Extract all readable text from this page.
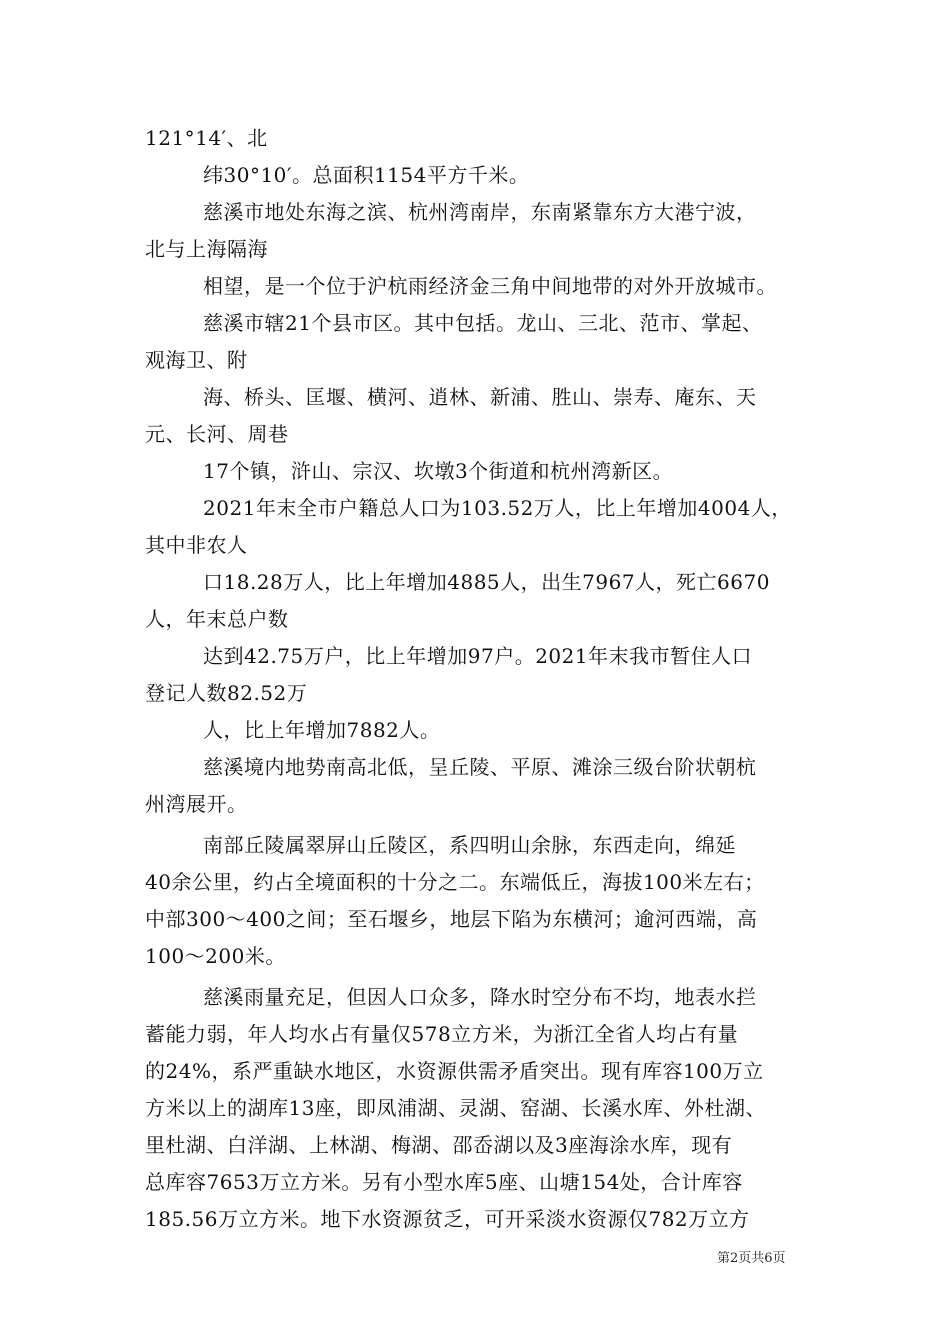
121°14′、北
纬30°10′。总面积1154平方千米。
慈溪市地处东海之滨、杭州湾南岸，东南紧靠东方大港宁波，
北与上海隔海
相望，是一个位于沪杭雨经济金三角中间地带的对外开放城市。
慈溪市辖21个县市区。其中包括。龙山、三北、范市、掌起、
观海卫、附
海、桥头、匡堰、横河、逍林、新浦、胜山、崇寿、庵东、天
元、长河、周巷
17个镇，浒山、宗汉、坎墩3个街道和杭州湾新区。
2021年末全市户籍总人口为103.52万人，比上年增加4004人，
其中非农人
口18.28万人，比上年增加4885人，出生7967人，死亡6670
人，年末总户数
达到42.75万户，比上年增加97户。2021年末我市暂住人口
登记人数82.52万
人，比上年增加7882人。
慈溪境内地势南高北低，呈丘陵、平原、滩涂三级台阶状朝杭
州湾展开。
南部丘陵属翠屏山丘陵区，系四明山余脉，东西走向，绵延
40余公里，约占全境面积的十分之二。东端低丘，海拔100米左右；
中部300～400之间；至石堰乡，地层下陷为东横河；逾河西端，高
100～200米。
慈溪雨量充足，但因人口众多，降水时空分布不均，地表水拦
蓄能力弱，年人均水占有量仅578立方米，为浙江全省人均占有量
的24%，系严重缺水地区，水资源供需矛盾突出。现有库容100万立
方米以上的湖库13座，即凤浦湖、灵湖、窑湖、长溪水库、外杜湖、
里杜湖、白洋湖、上林湖、梅湖、邵岙湖以及3座海涂水库，现有
总库容7653万立方米。另有小型水库5座、山塘154处，合计库容
185.56万立方米。地下水资源贫乏，可开采淡水资源仅782万立方
第2页共6页
